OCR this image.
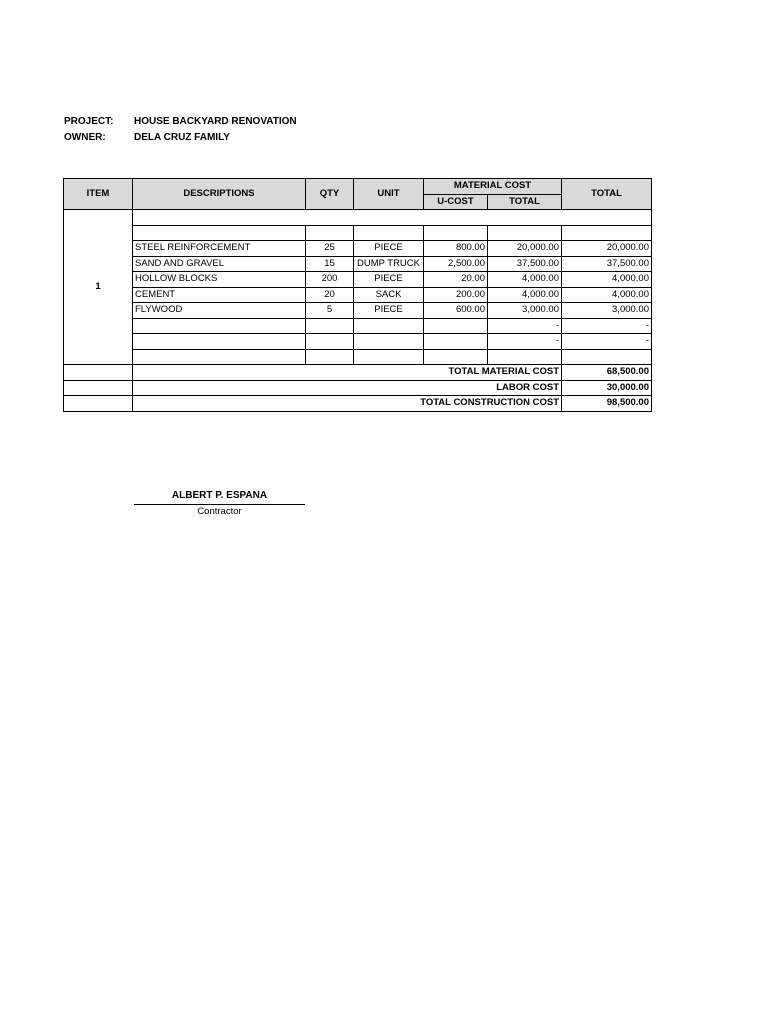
PROJECT: HOUSE BACKYARD RENOVATION
OWNER:	DELA CRUZ FAMILY
ITEM	DESCRIPTIONS	QTY	UNIT	MATERIAL COST		TOTAL
				U-COST	TOTAL	
1						

	STEEL REINFORCEMENT	25	PIECE	800.00	20,000.00	20,000.00
	SAND AND GRAVEL	15	DUMP TRUCK	2,500.00	37,500.00	37,500.00
	HOLLOW BLOCKS	200	PIECE	20.00	4,000.00	4,000.00
	CEMENT	20	SACK	200.00	4,000.00	4,000.00
	FLYWOOD	5	PIECE	600.00	3,000.00	3,000.00
					-	-
					-	-

	TOTAL MATERIAL COST					68,500.00
	LABOR COST					30,000.00
	TOTAL CONSTRUCTION COST					98,500.00
ALBERT P. ESPANA
Contractor
